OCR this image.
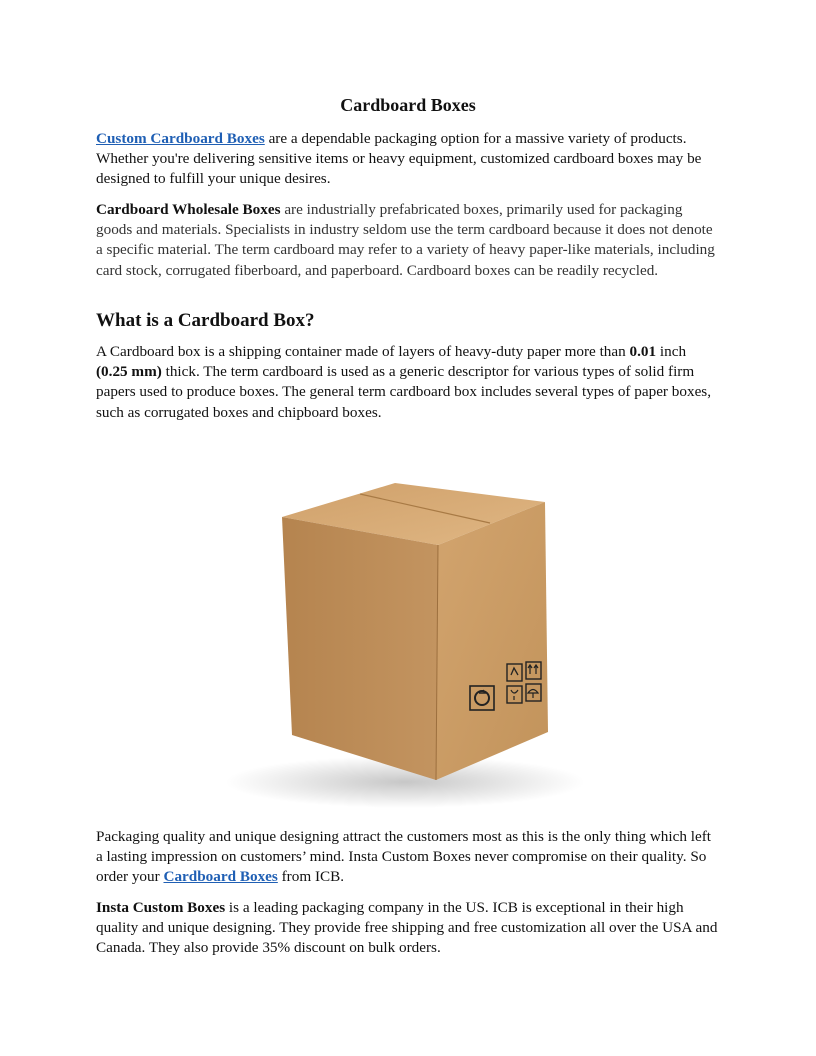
Cardboard Boxes

Custom Cardboard Boxes are a dependable packaging option for a massive variety of products. Whether you're delivering sensitive items or heavy equipment, customized cardboard boxes may be designed to fulfill your unique desires.

Cardboard Wholesale Boxes are industrially prefabricated boxes, primarily used for packaging goods and materials. Specialists in industry seldom use the term cardboard because it does not denote a specific material. The term cardboard may refer to a variety of heavy paper-like materials, including card stock, corrugated fiberboard, and paperboard. Cardboard boxes can be readily recycled.

What is a Cardboard Box?

A Cardboard box is a shipping container made of layers of heavy-duty paper more than 0.01 inch (0.25 mm) thick. The term cardboard is used as a generic descriptor for various types of solid firm papers used to produce boxes. The general term cardboard box includes several types of paper boxes, such as corrugated boxes and chipboard boxes.

Packaging quality and unique designing attract the customers most as this is the only thing which left a lasting impression on customers’ mind. Insta Custom Boxes never compromise on their quality. So order your Cardboard Boxes from ICB.

Insta Custom Boxes is a leading packaging company in the US. ICB is exceptional in their high quality and unique designing. They provide free shipping and free customization all over the USA and Canada. They also provide 35% discount on bulk orders.
